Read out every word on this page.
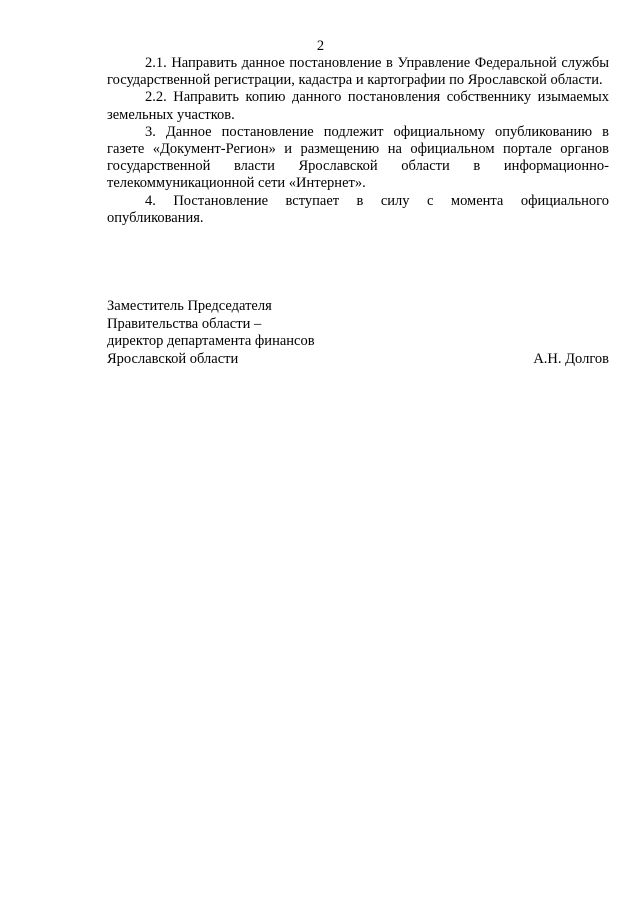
2

2.1. Направить данное постановление в Управление Федеральной службы государственной регистрации, кадастра и картографии по Ярославской области.

2.2. Направить копию данного постановления собственнику изымаемых земельных участков.

3. Данное постановление подлежит официальному опубликованию в газете «Документ-Регион» и размещению на официальном портале органов государственной власти Ярославской области в информационно-телекоммуникационной сети «Интернет».

4. Постановление вступает в силу с момента официального опубликования.

Заместитель Председателя
Правительства области –
директор департамента финансов
Ярославской области	А.Н. Долгов
